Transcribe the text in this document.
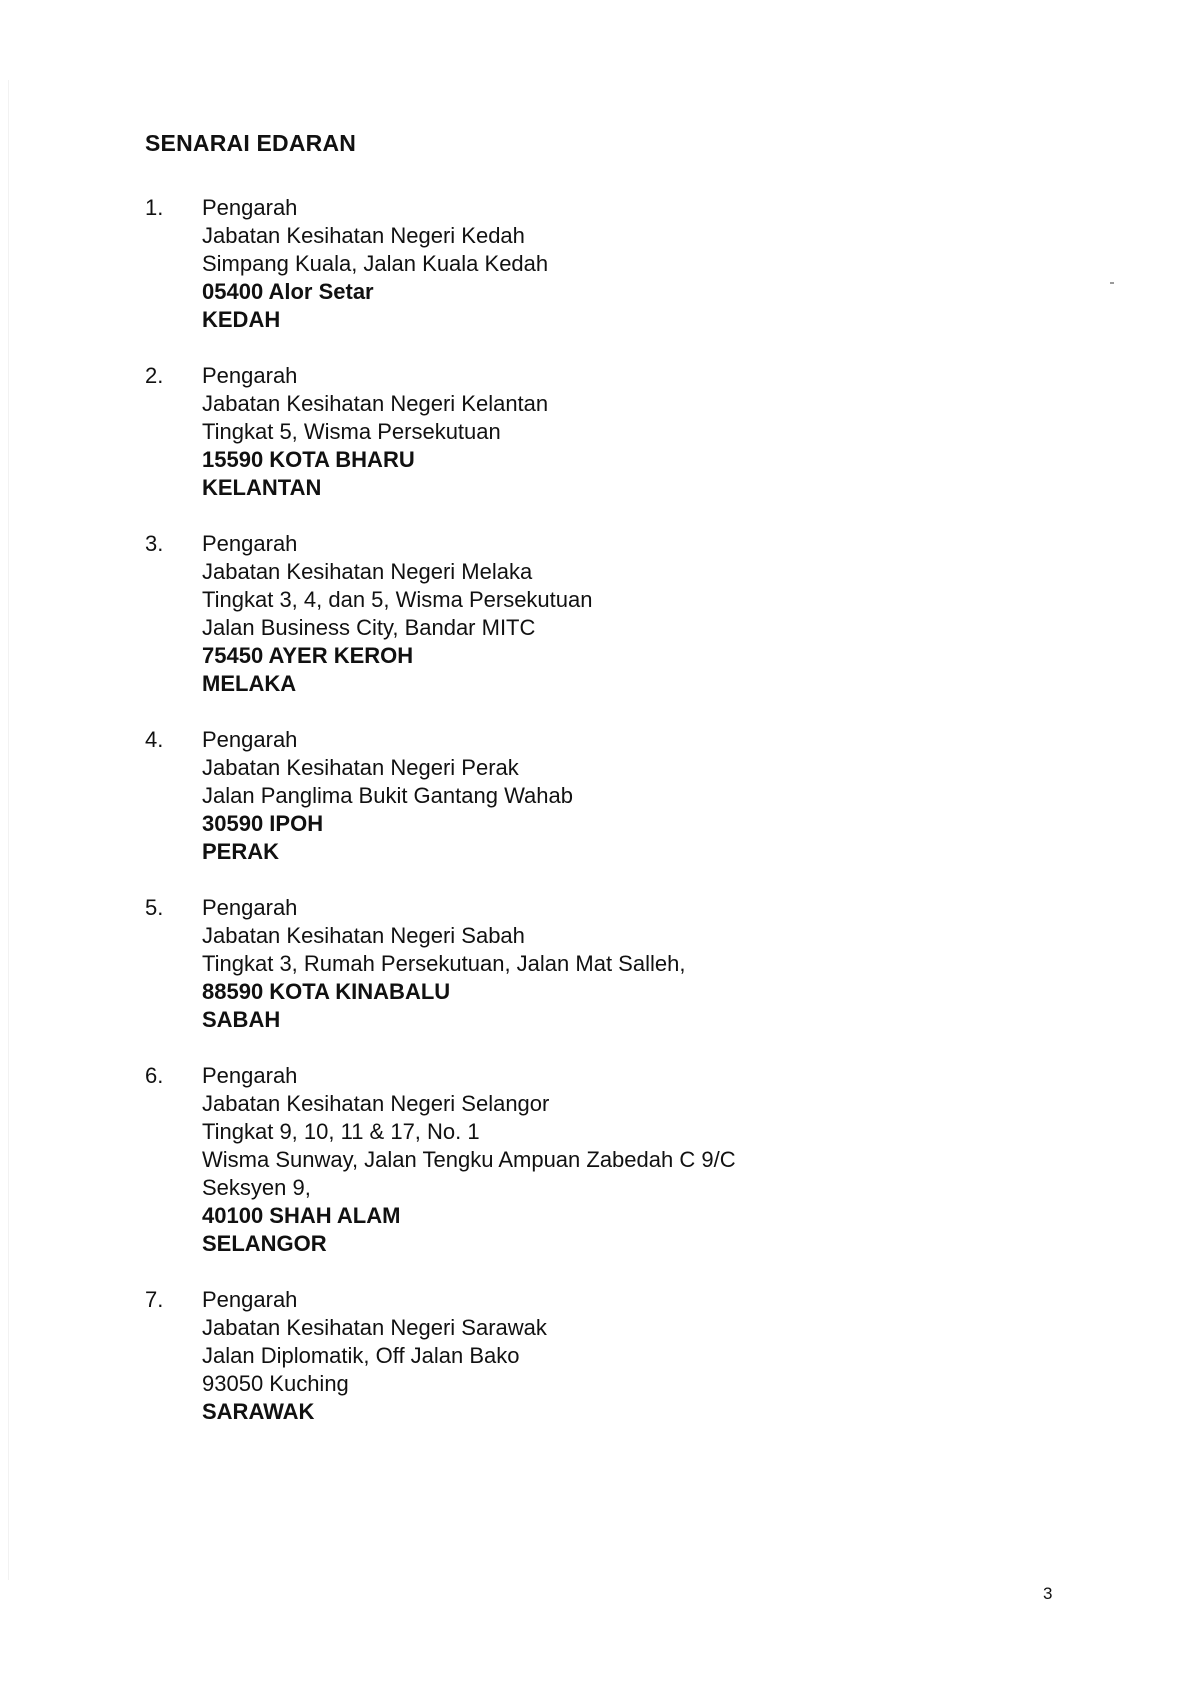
SENARAI EDARAN
1. Pengarah
Jabatan Kesihatan Negeri Kedah
Simpang Kuala, Jalan Kuala Kedah
05400 Alor Setar
KEDAH
2. Pengarah
Jabatan Kesihatan Negeri Kelantan
Tingkat 5, Wisma Persekutuan
15590 KOTA BHARU
KELANTAN
3. Pengarah
Jabatan Kesihatan Negeri Melaka
Tingkat 3, 4, dan 5, Wisma Persekutuan
Jalan Business City, Bandar MITC
75450 AYER KEROH
MELAKA
4. Pengarah
Jabatan Kesihatan Negeri Perak
Jalan Panglima Bukit Gantang Wahab
30590 IPOH
PERAK
5. Pengarah
Jabatan Kesihatan Negeri Sabah
Tingkat 3, Rumah Persekutuan, Jalan Mat Salleh,
88590 KOTA KINABALU
SABAH
6. Pengarah
Jabatan Kesihatan Negeri Selangor
Tingkat 9, 10, 11 & 17, No. 1
Wisma Sunway, Jalan Tengku Ampuan Zabedah C 9/C
Seksyen 9,
40100 SHAH ALAM
SELANGOR
7. Pengarah
Jabatan Kesihatan Negeri Sarawak
Jalan Diplomatik, Off Jalan Bako
93050 Kuching
SARAWAK
3
